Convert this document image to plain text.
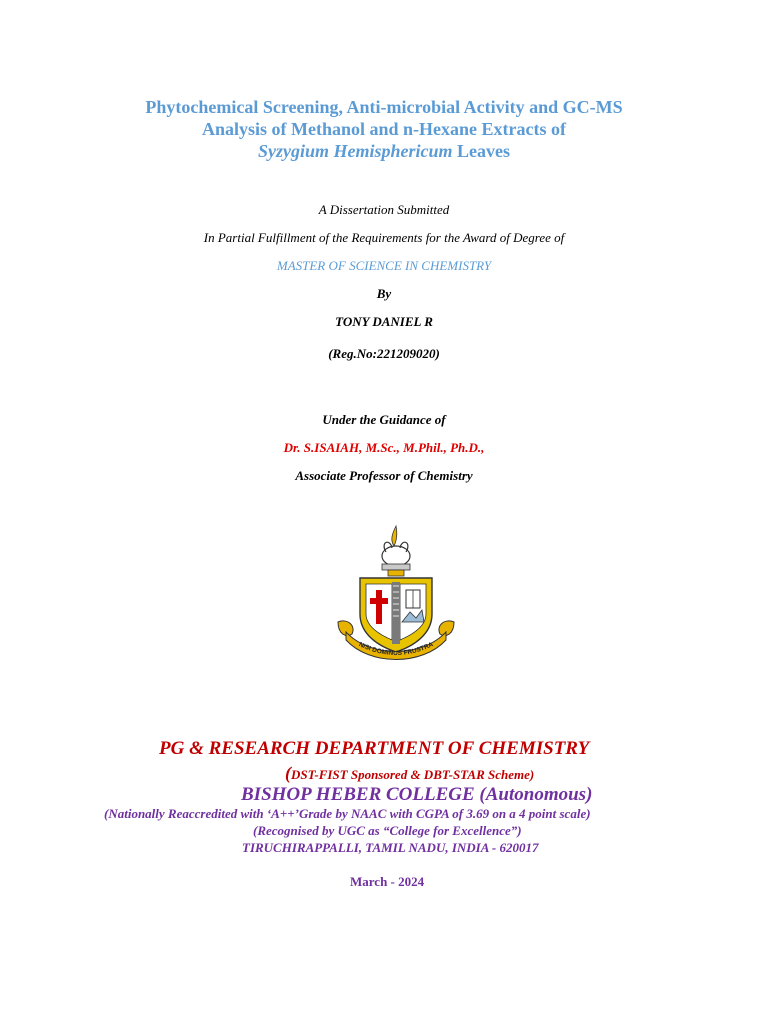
Phytochemical Screening, Anti-microbial Activity and GC-MS
Analysis of Methanol and n-Hexane Extracts of
Syzygium Hemisphericum Leaves
A Dissertation Submitted
In Partial Fulfillment of the Requirements for the Award of Degree of
MASTER OF SCIENCE IN CHEMISTRY
By
TONY DANIEL R
(Reg.No:221209020)
Under the Guidance of
Dr. S.ISAIAH, M.Sc., M.Phil., Ph.D.,
Associate Professor of Chemistry
NISI DOMINUS FRUSTRA
PG & RESEARCH DEPARTMENT OF CHEMISTRY
(DST-FIST Sponsored & DBT-STAR Scheme)
BISHOP HEBER COLLEGE (Autonomous)
(Nationally Reaccredited with ‘A++’Grade by NAAC with CGPA of 3.69 on a 4 point scale)
(Recognised by UGC as “College for Excellence”)
TIRUCHIRAPPALLI, TAMIL NADU, INDIA - 620017
March - 2024
